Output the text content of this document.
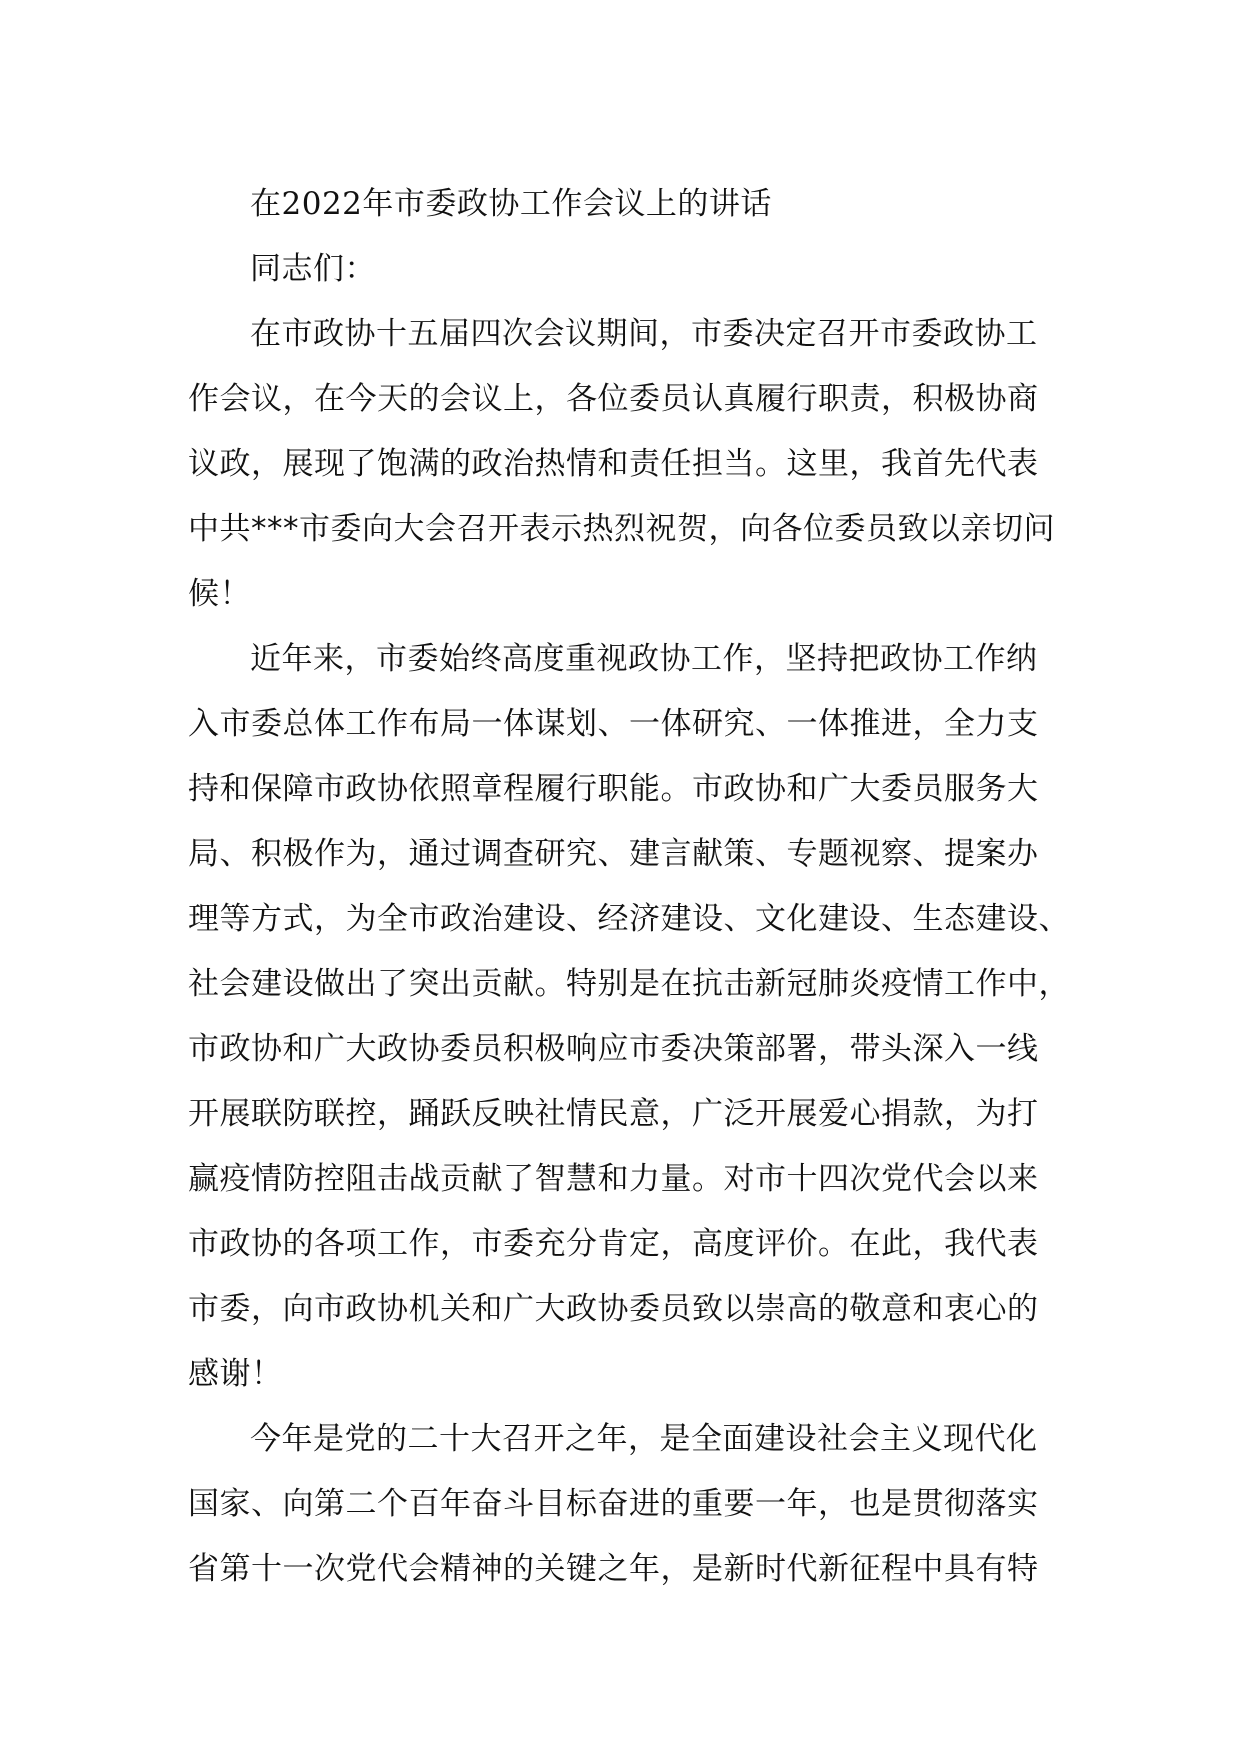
在2022年市委政协工作会议上的讲话
同志们：
在市政协十五届四次会议期间，市委决定召开市委政协工
作会议，在今天的会议上，各位委员认真履行职责，积极协商
议政，展现了饱满的政治热情和责任担当。这里，我首先代表
中共***市委向大会召开表示热烈祝贺，向各位委员致以亲切问
候！
近年来，市委始终高度重视政协工作，坚持把政协工作纳
入市委总体工作布局一体谋划、一体研究、一体推进，全力支
持和保障市政协依照章程履行职能。市政协和广大委员服务大
局、积极作为，通过调查研究、建言献策、专题视察、提案办
理等方式，为全市政治建设、经济建设、文化建设、生态建设、
社会建设做出了突出贡献。特别是在抗击新冠肺炎疫情工作中，
市政协和广大政协委员积极响应市委决策部署，带头深入一线
开展联防联控，踊跃反映社情民意，广泛开展爱心捐款，为打
赢疫情防控阻击战贡献了智慧和力量。对市十四次党代会以来
市政协的各项工作，市委充分肯定，高度评价。在此，我代表
市委，向市政协机关和广大政协委员致以崇高的敬意和衷心的
感谢！
今年是党的二十大召开之年，是全面建设社会主义现代化
国家、向第二个百年奋斗目标奋进的重要一年，也是贯彻落实
省第十一次党代会精神的关键之年，是新时代新征程中具有特
